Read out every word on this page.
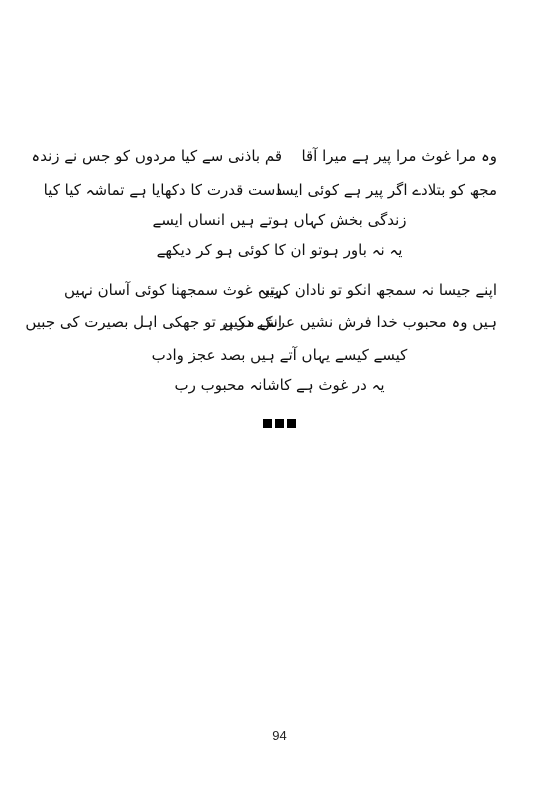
وہ مرا غوث مرا پیر ہے میرا آقا
قم باذنی سے کیا مردوں کو جس نے زندہ
مجھ کو بتلادے اگر پیر ہے کوئی ایسا
دست قدرت کا دکھایا ہے تماشہ کیا کیا
زندگی بخش کہاں ہوتے ہیں انساں ایسے
یہ نہ باور ہوتو ان کا کوئی ہو کر دیکھے
اپنے جیسا نہ سمجھ انکو تو نادان کہیں
رتبہ غوث سمجھنا کوئی آسان نہیں
ہیں وہ محبوب خدا فرش نشیں عرش مکیں
انکے در پر تو جھکی اہل بصیرت کی جبیں
کیسے کیسے یہاں آتے ہیں بصد عجز وادب
یہ در غوث ہے کاشانہ محبوب رب
94
